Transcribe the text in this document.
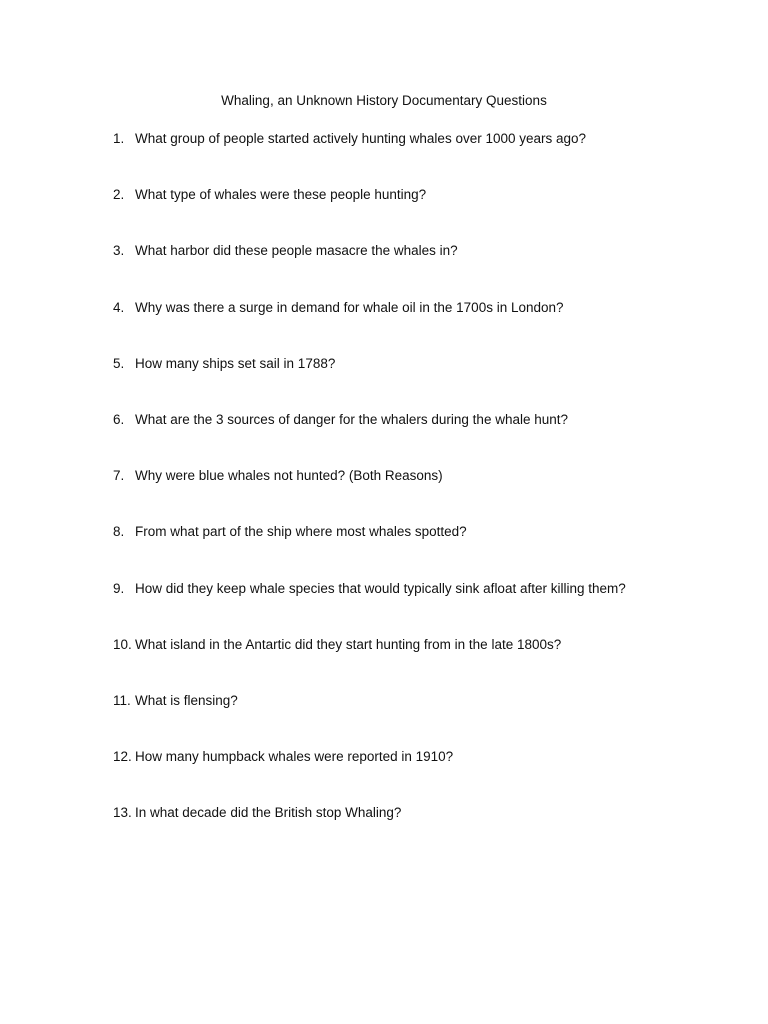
Whaling, an Unknown History Documentary Questions
1. What group of people started actively hunting whales over 1000 years ago?
2. What type of whales were these people hunting?
3. What harbor did these people masacre the whales in?
4. Why was there a surge in demand for whale oil in the 1700s in London?
5. How many ships set sail in 1788?
6. What are the 3 sources of danger for the whalers during the whale hunt?
7. Why were blue whales not hunted? (Both Reasons)
8. From what part of the ship where most whales spotted?
9. How did they keep whale species that would typically sink afloat after killing them?
10. What island in the Antartic did they start hunting from in the late 1800s?
11. What is flensing?
12. How many humpback whales were reported in 1910?
13. In what decade did the British stop Whaling?
